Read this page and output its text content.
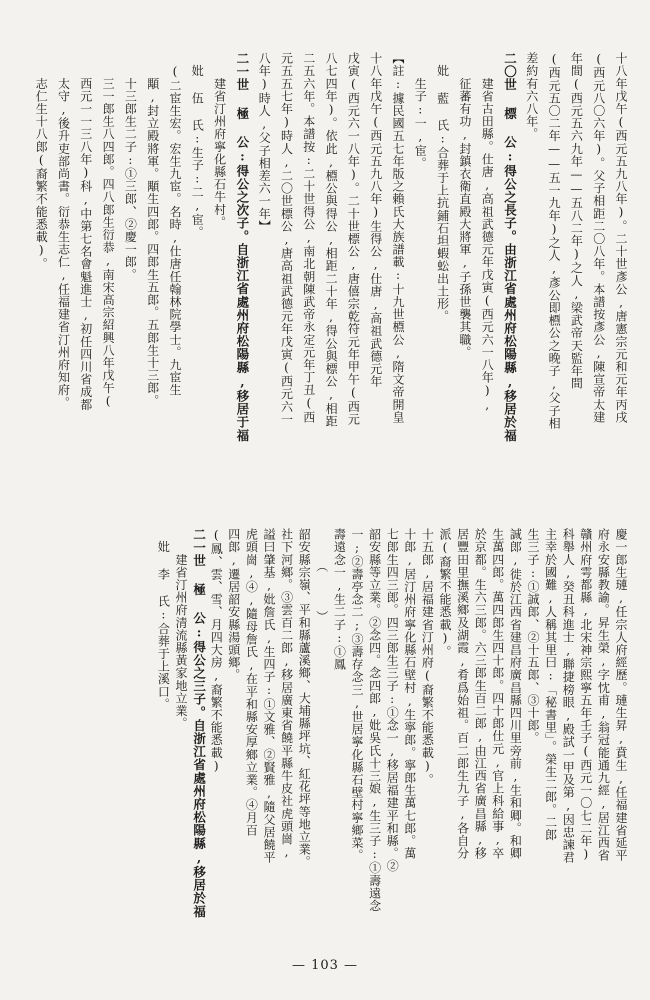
十八年戊午(西元五九八年)。二十世彥公,唐憲宗元和元年丙戌
(西元八〇六年)。父子相距二〇八年。本譜按彥公,陳宣帝太建
年間(西元五六九年——五八二年)之人,梁武帝天監年間
(西元五〇二年——五一九年)之人,彥公即槱公之晚子,父子相
差約有六八年。
二〇世 標 公:得公之長子。由浙江省處州府松陽縣,移居於福
　　建省古田縣。仕唐,高祖武德元年戊寅(西元六一八年),
　　征蕃有功,封鎮衣衛直殿大將軍,子孫世襲其職。
　妣 藍 氏:合葬于上抗鋪石坦蝦蚣出土形。
　　生子:一,宦。
【註:據民國五七年版之賴氏大族譜載:十九世槱公,隋文帝開皇
十八年戊午(西元五九八年)生得公,仕唐,高祖武德元年
戊寅(西元六一八年)。二十世標公,唐僖宗乾符元年甲午(西元
八七四年)。依此,槱公與得公,相距二十年,得公與標公,相距
二五六年。本譜按:二十世得公,南北朝陳武帝永定元年丁丑(西
元五五七年)時人,二〇世標公,唐高祖武德元年戊寅(西元六一
八年)時人,父子相差六一年】
二一世 極 公:得公之次子。自浙江省處州府松陽縣,移居于福
　　建省汀州府寧化縣石牛村。
　妣 伍 氏:生子:二,宦。
　(二宦生宏。宏生九宦。名時,仕唐任翰林院學士。九宦生
　　顒,封立殿將軍。顒生四郎。四郎生五郎。五郎生十三郎。
　　十三郎生二子:①三郎、②慶一郎。
　　三一郎生八四郎。四八郎生衍恭,南宋高宗紹興八年戊午(
　　西元一一三八年)科,中第七名會魁進士,初任四川省成都
　　太守,後升吏部尚書。衍恭生志仁,任福建省汀州府知府。
　　志仁生十八郎(裔繁不能悉載)。
慶一郎生璉,任宗人府經歷。璉生昇,賁生,任福建省延平
府永安縣教諭。昇生榮,字忱甫,翁冠能通九經,居江西省
贛州府雩都縣,北宋神宗熙寧五年壬子(西元一〇七二年)
科舉人,癸丑科進士,聯捷榜眼,殿試一甲及第,因忠諫君
主幸於國難,人稱其里曰:「秘書里」。榮生二郎。二郎
生三子:①誠郎、②十五郎、③十郎。
誠郎,徙於江西省建昌府廣昌縣四川里旁前,生和卿。和卿
生萬四郎。萬四郎生四十郎。四十郎仕元,官上科給事,卒
於京都。生六三郎。六三郎生百二郎,由江西省廣昌縣,移
居豐田里撫溪鄉及湖霞,肴爲始祖。百二郎生九子,各自分
派(裔繁不能悉載)。
十五郎,居福建省汀州府(裔繁不能悉載)。
十郎,居汀州府寧化縣石壁村,生寧郎。寧郎生萬七郎。萬
七郎生四三郎。四三郎生三子:①念一,移居福建平和縣。②
韶安縣等立業。②念四。念四郎,妣吳氏十三娘,生三子:①壽遠念
一;②壽亭念二;③壽存念三,世居寧化縣石壁村寧鄉菜。
壽遠念一,生二子:①鳳
　　　（　　　）
韶安縣宗嶺、平和縣蘆溪鄉、大埔縣坪坑、紅花坪等地立業。
社下河鄉。③雲百二郎,移居廣東省饒平縣牛皮社虎頭崗,
謚曰肇基,妣詹氏,生四子:①文雅、②賢雅,隨父居饒平
虎頭崗,④,隨母詹氏,在平和縣安厚鄉立業。④月百
四郎,遷居韶安縣湯頭鄉。
(鳳、雲、雪、月四大房,裔繁不能悉載)
二一世 極 公:得公之三子。自浙江省處州府松陽縣,移居於福
　　建省汀州府清流縣黃家地立業。
　妣 李 氏:合葬于上溪口。
— 103 —
